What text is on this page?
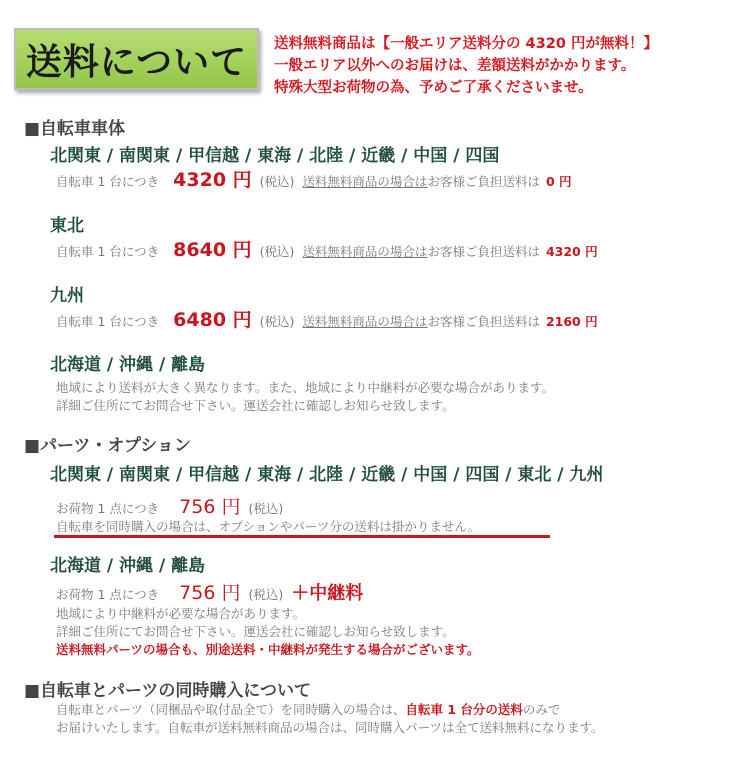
送料について	送料無料商品は【一般エリア送料分の 4320 円が無料！】
一般エリア以外へのお届けは、差額送料がかかります。
特殊大型お荷物の為、予めご了承くださいませ。
■自転車車体
北関東 / 南関東 / 甲信越 / 東海 / 北陸 / 近畿 / 中国 / 四国
自転車 1 台につき 4320 円 (税込) 送料無料商品の場合はお客様ご負担送料は 0 円
東北
自転車 1 台につき 8640 円 (税込) 送料無料商品の場合はお客様ご負担送料は 4320 円
九州
自転車 1 台につき 6480 円 (税込) 送料無料商品の場合はお客様ご負担送料は 2160 円
北海道 / 沖縄 / 離島
地域により送料が大きく異なります。また、地域により中継料が必要な場合があります。
詳細ご住所にてお問合せ下さい。運送会社に確認しお知らせ致します。
■パーツ・オプション
北関東 / 南関東 / 甲信越 / 東海 / 北陸 / 近畿 / 中国 / 四国 / 東北 / 九州
お荷物 1 点につき 756 円 (税込)
自転車を同時購入の場合は、オプションやパーツ分の送料は掛かりません。
北海道 / 沖縄 / 離島
お荷物 1 点につき 756 円 (税込) ＋中継料
地域により中継料が必要な場合があります。
詳細ご住所にてお問合せ下さい。運送会社に確認しお知らせ致します。
送料無料パーツの場合も、別途送料・中継料が発生する場合がございます。
■自転車とパーツの同時購入について
自転車とパーツ（同梱品や取付品全て）を同時購入の場合は、自転車 1 台分の送料のみで
お届けいたします。自転車が送料無料商品の場合は、同時購入パーツは全て送料無料になります。
